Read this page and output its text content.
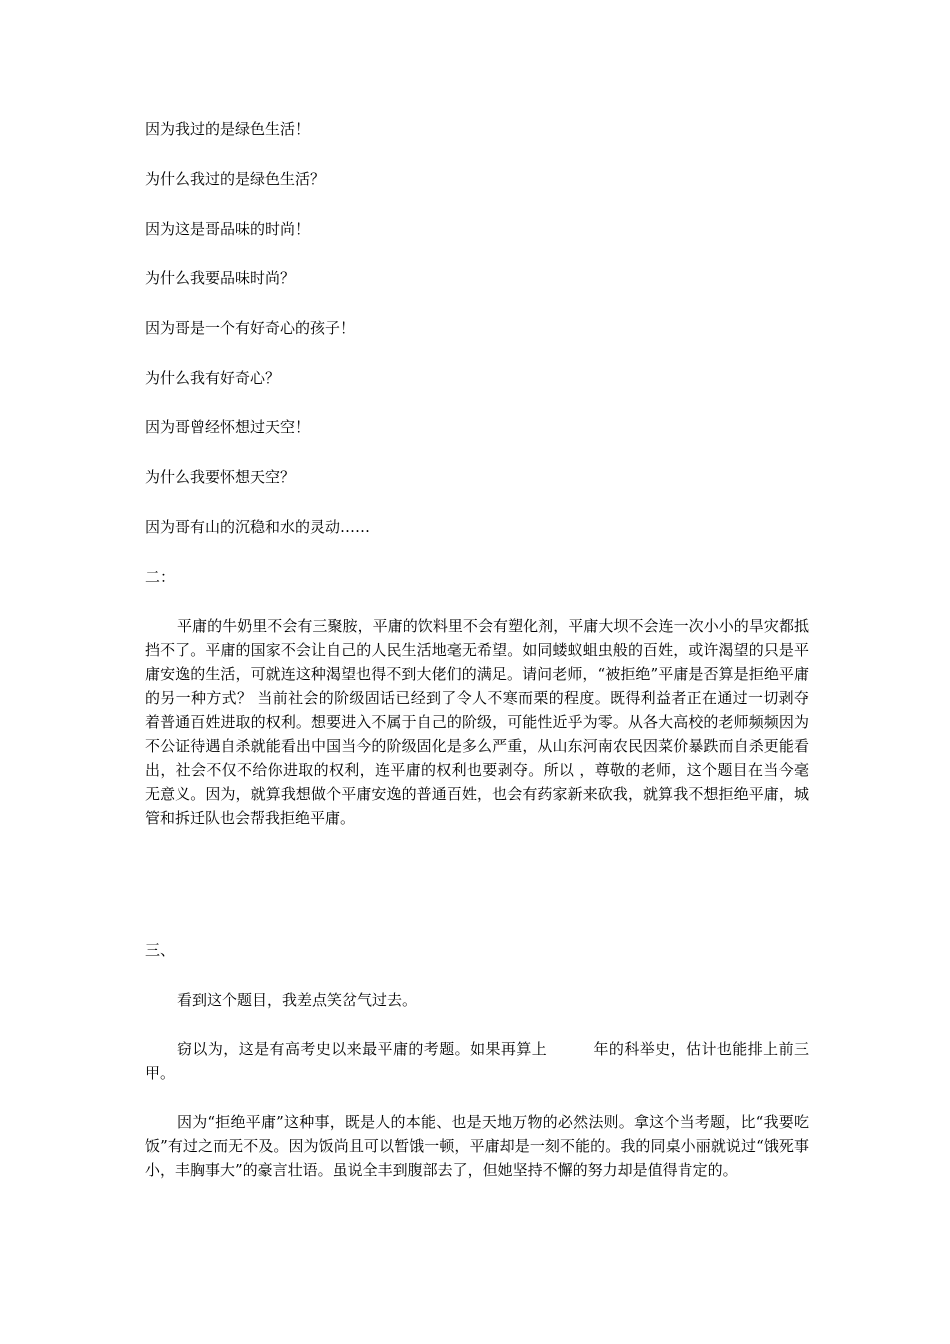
因为我过的是绿色生活！

为什么我过的是绿色生活？

因为这是哥品味的时尚！

为什么我要品味时尚？

因为哥是一个有好奇心的孩子！

为什么我有好奇心？

因为哥曾经怀想过天空！

为什么我要怀想天空？

因为哥有山的沉稳和水的灵动……

二：

平庸的牛奶里不会有三聚胺，平庸的饮料里不会有塑化剂，平庸大坝不会连一次小小的旱灾都抵挡不了。平庸的国家不会让自己的人民生活地毫无希望。如同蝼蚁蛆虫般的百姓，或许渴望的只是平庸安逸的生活，可就连这种渴望也得不到大佬们的满足。请问老师，“被拒绝”平庸是否算是拒绝平庸的另一种方式？ 当前社会的阶级固话已经到了令人不寒而栗的程度。既得利益者正在通过一切剥夺着普通百姓进取的权利。想要进入不属于自己的阶级，可能性近乎为零。从各大高校的老师频频因为不公证待遇自杀就能看出中国当今的阶级固化是多么严重，从山东河南农民因菜价暴跌而自杀更能看出，社会不仅不给你进取的权利，连平庸的权利也要剥夺。所以 ，尊敬的老师，这个题目在当今毫无意义。因为，就算我想做个平庸安逸的普通百姓，也会有药家新来砍我，就算我不想拒绝平庸，城管和拆迁队也会帮我拒绝平庸。

三、

看到这个题目，我差点笑岔气过去。

窃以为，这是有高考史以来最平庸的考题。如果再算上　　　年的科举史，估计也能排上前三甲。

因为“拒绝平庸”这种事，既是人的本能、也是天地万物的必然法则。拿这个当考题，比“我要吃饭”有过之而无不及。因为饭尚且可以暂饿一顿，平庸却是一刻不能的。我的同桌小丽就说过“饿死事小，丰胸事大”的豪言壮语。虽说全丰到腹部去了，但她坚持不懈的努力却是值得肯定的。
